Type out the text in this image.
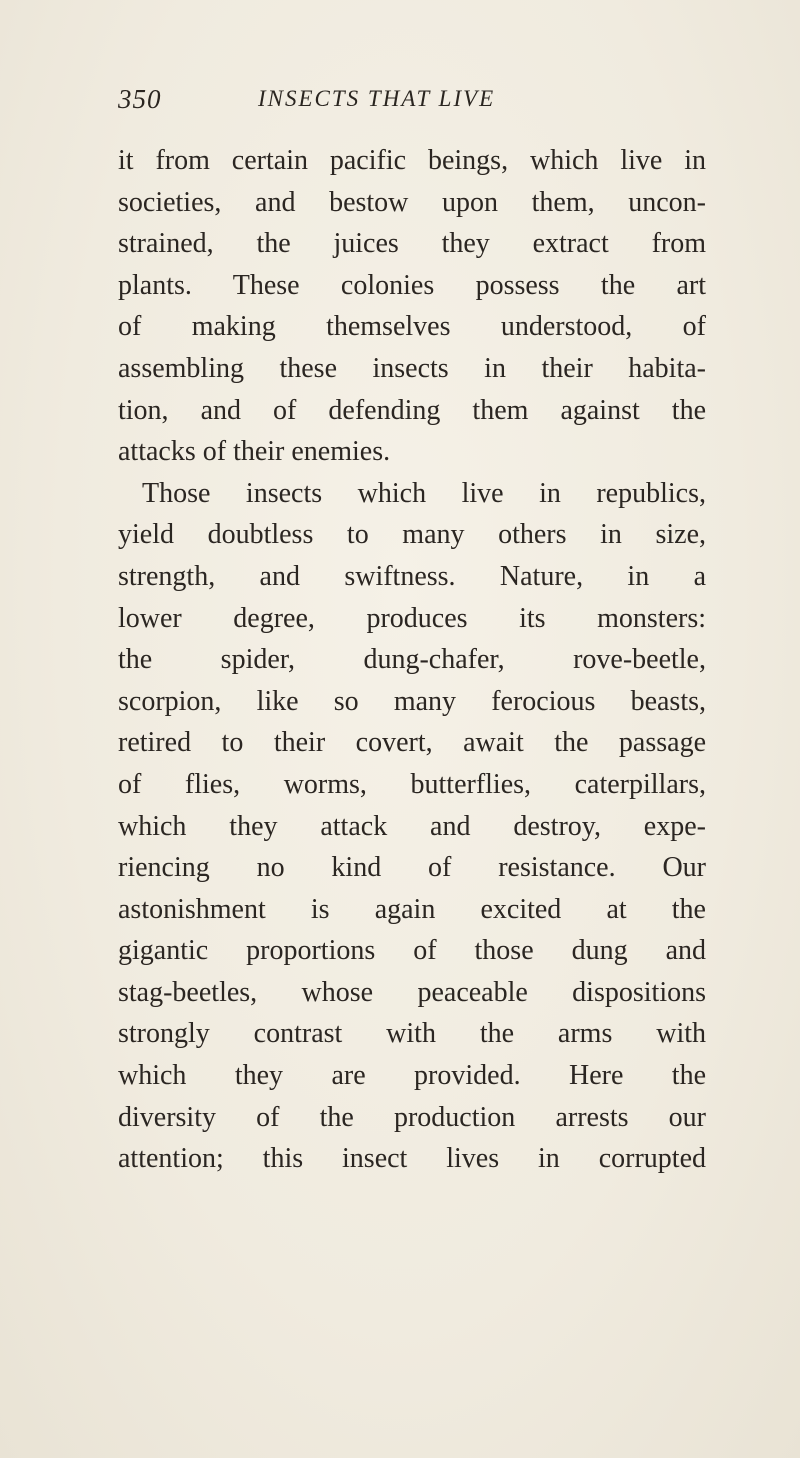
350	INSECTS THAT LIVE
it from certain pacific beings, which live in
societies, and bestow upon them, uncon-
strained, the juices they extract from
plants. These colonies possess the art
of making themselves understood, of
assembling these insects in their habita-
tion, and of defending them against the
attacks of their enemies.
Those insects which live in republics,
yield doubtless to many others in size,
strength, and swiftness. Nature, in a
lower degree, produces its monsters:
the spider, dung-chafer, rove-beetle,
scorpion, like so many ferocious beasts,
retired to their covert, await the passage
of flies, worms, butterflies, caterpillars,
which they attack and destroy, expe-
riencing no kind of resistance. Our
astonishment is again excited at the
gigantic proportions of those dung and
stag-beetles, whose peaceable dispositions
strongly contrast with the arms with
which they are provided. Here the
diversity of the production arrests our
attention; this insect lives in corrupted
